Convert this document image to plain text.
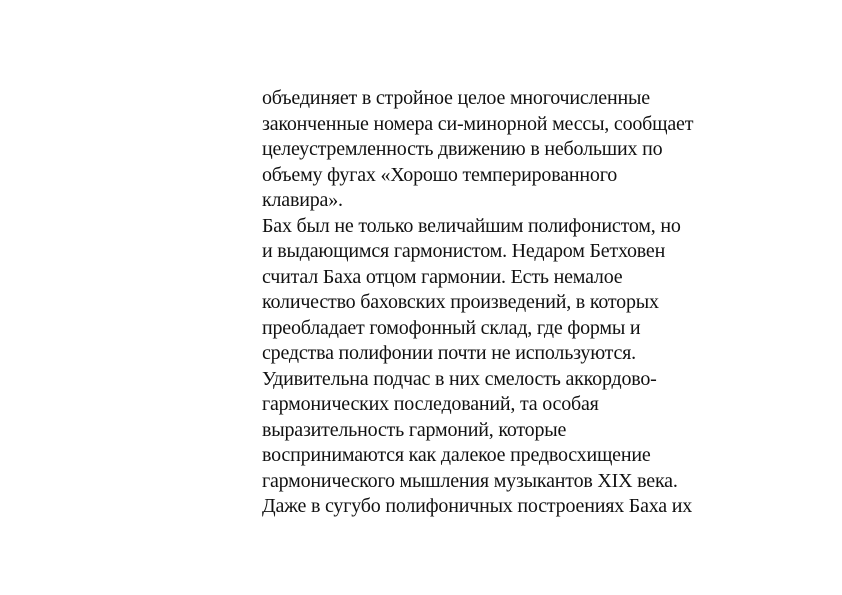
объединяет в стройное целое многочисленные
законченные номера си-минорной мессы, сообщает
целеустремленность движению в небольших по
объему фугах «Хорошо темперированного
клавира».
Бах был не только величайшим полифонистом, но
и выдающимся гармонистом. Недаром Бетховен
считал Баха отцом гармонии. Есть немалое
количество баховских произведений, в которых
преобладает гомофонный склад, где формы и
средства полифонии почти не используются.
Удивительна подчас в них смелость аккордово-
гармонических последований, та особая
выразительность гармоний, которые
воспринимаются как далекое предвосхищение
гармонического мышления музыкантов XIX века.
Даже в сугубо полифоничных построениях Баха их
